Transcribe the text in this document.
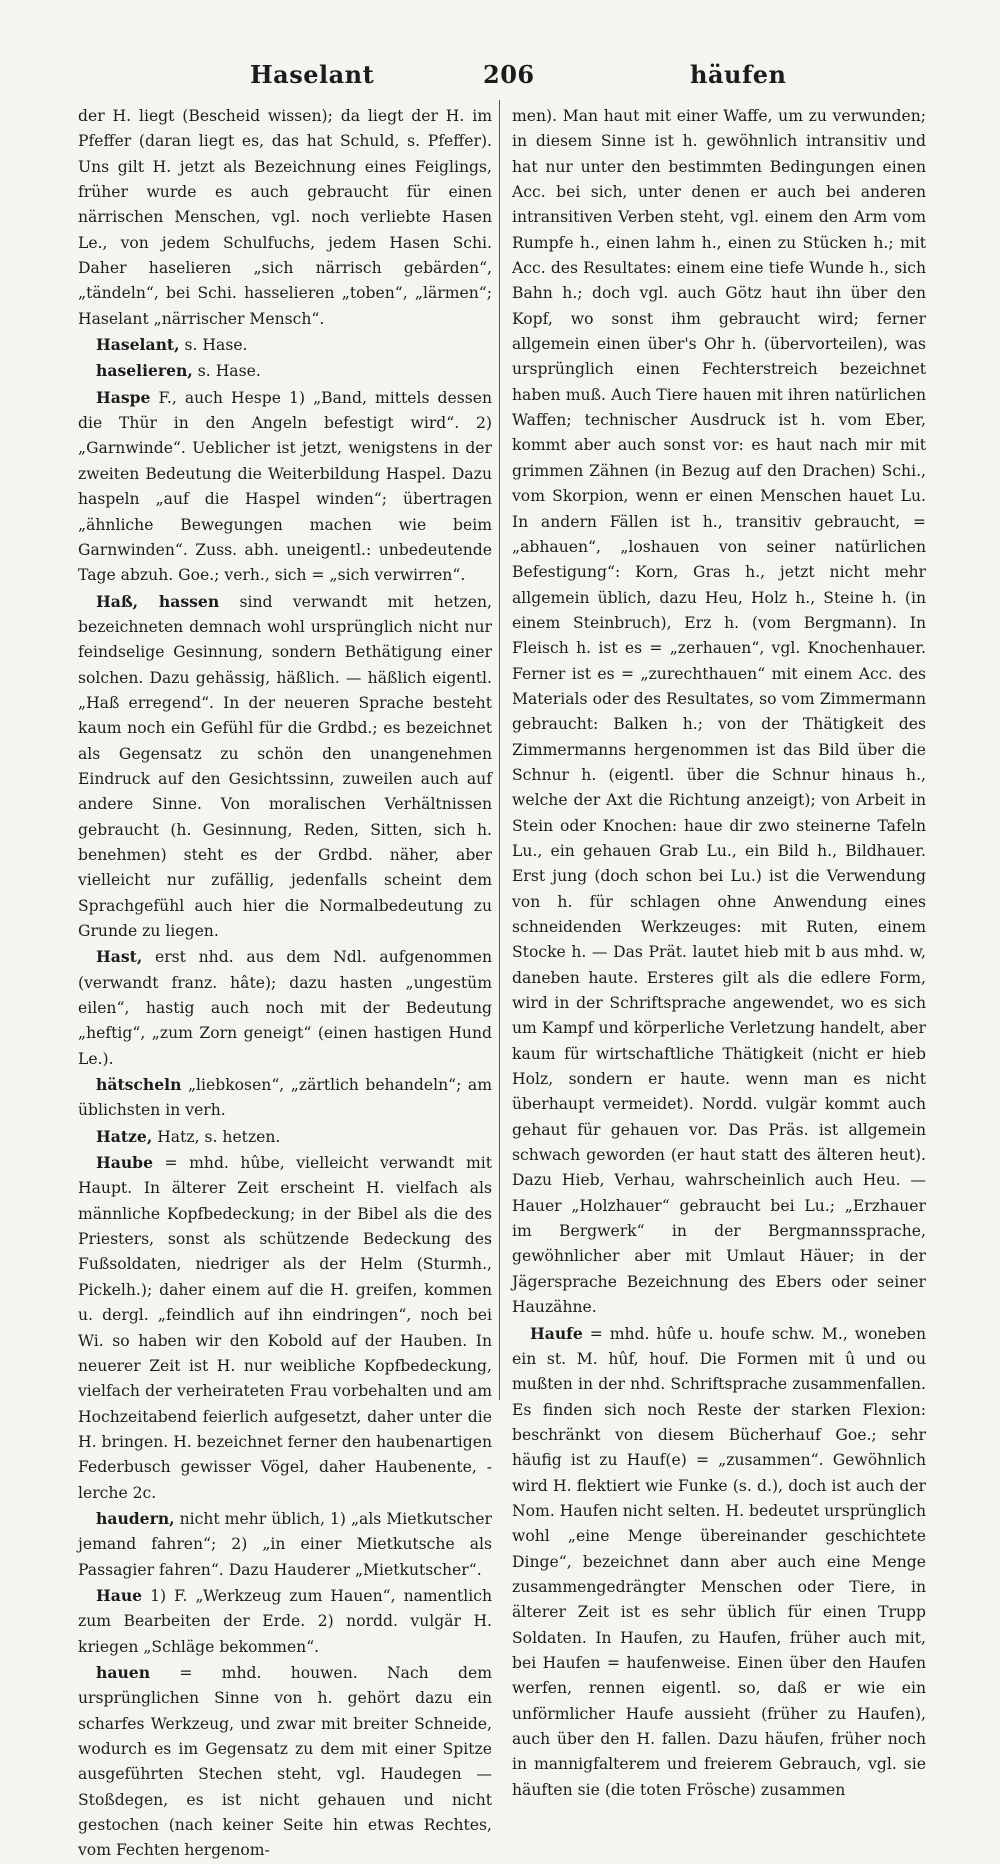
Haselant	206	häufen

der H. liegt (Bescheid wissen); da liegt der H. im Pfeffer (daran liegt es, das hat Schuld, s. Pfeffer). Uns gilt H. jetzt als Bezeichnung eines Feiglings, früher wurde es auch gebraucht für einen närrischen Menschen, vgl. noch verliebte Hasen Le., von jedem Schulfuchs, jedem Hasen Schi. Daher haselieren „sich närrisch gebärden“, „tändeln“, bei Schi. hasselieren „toben“, „lärmen“; Haselant „närrischer Mensch“.

Haselant, s. Hase.

haselieren, s. Hase.

Haspe F., auch Hespe 1) „Band, mittels dessen die Thür in den Angeln befestigt wird“. 2) „Garnwinde“. Ueblicher ist jetzt, wenigstens in der zweiten Bedeutung die Weiterbildung Haspel. Dazu haspeln „auf die Haspel winden“; übertragen „ähnliche Bewegungen machen wie beim Garnwinden“. Zuss. abh. uneigentl.: unbedeutende Tage abzuh. Goe.; verh., sich = „sich verwirren“.

Haß, hassen sind verwandt mit hetzen, bezeichneten demnach wohl ursprünglich nicht nur feindselige Gesinnung, sondern Bethätigung einer solchen. Dazu gehässig, häßlich. — häßlich eigentl. „Haß erregend“. In der neueren Sprache besteht kaum noch ein Gefühl für die Grdbd.; es bezeichnet als Gegensatz zu schön den unangenehmen Eindruck auf den Gesichtssinn, zuweilen auch auf andere Sinne. Von moralischen Verhältnissen gebraucht (h. Gesinnung, Reden, Sitten, sich h. benehmen) steht es der Grdbd. näher, aber vielleicht nur zufällig, jedenfalls scheint dem Sprachgefühl auch hier die Normalbedeutung zu Grunde zu liegen.

Hast, erst nhd. aus dem Ndl. aufgenommen (verwandt franz. hâte); dazu hasten „ungestüm eilen“, hastig auch noch mit der Bedeutung „heftig“, „zum Zorn geneigt“ (einen hastigen Hund Le.).

hätscheln „liebkosen“, „zärtlich behandeln“; am üblichsten in verh.

Hatze, Hatz, s. hetzen.

Haube = mhd. hûbe, vielleicht verwandt mit Haupt. In älterer Zeit erscheint H. vielfach als männliche Kopfbedeckung; in der Bibel als die des Priesters, sonst als schützende Bedeckung des Fußsoldaten, niedriger als der Helm (Sturmh., Pickelh.); daher einem auf die H. greifen, kommen u. dergl. „feindlich auf ihn eindringen“, noch bei Wi. so haben wir den Kobold auf der Hauben. In neuerer Zeit ist H. nur weibliche Kopfbedeckung, vielfach der verheirateten Frau vorbehalten und am Hochzeitabend feierlich aufgesetzt, daher unter die H. bringen. H. bezeichnet ferner den haubenartigen Federbusch gewisser Vögel, daher Haubenente, -lerche 2c.

haudern, nicht mehr üblich, 1) „als Mietkutscher jemand fahren“; 2) „in einer Mietkutsche als Passagier fahren“. Dazu Hauderer „Mietkutscher“.

Haue 1) F. „Werkzeug zum Hauen“, namentlich zum Bearbeiten der Erde. 2) nordd. vulgär H. kriegen „Schläge bekommen“.

hauen = mhd. houwen. Nach dem ursprünglichen Sinne von h. gehört dazu ein scharfes Werkzeug, und zwar mit breiter Schneide, wodurch es im Gegensatz zu dem mit einer Spitze ausgeführten Stechen steht, vgl. Haudegen — Stoßdegen, es ist nicht gehauen und nicht gestochen (nach keiner Seite hin etwas Rechtes, vom Fechten hergenom-

men). Man haut mit einer Waffe, um zu verwunden; in diesem Sinne ist h. gewöhnlich intransitiv und hat nur unter den bestimmten Bedingungen einen Acc. bei sich, unter denen er auch bei anderen intransitiven Verben steht, vgl. einem den Arm vom Rumpfe h., einen lahm h., einen zu Stücken h.; mit Acc. des Resultates: einem eine tiefe Wunde h., sich Bahn h.; doch vgl. auch Götz haut ihn über den Kopf, wo sonst ihm gebraucht wird; ferner allgemein einen über's Ohr h. (übervorteilen), was ursprünglich einen Fechterstreich bezeichnet haben muß. Auch Tiere hauen mit ihren natürlichen Waffen; technischer Ausdruck ist h. vom Eber, kommt aber auch sonst vor: es haut nach mir mit grimmen Zähnen (in Bezug auf den Drachen) Schi., vom Skorpion, wenn er einen Menschen hauet Lu. In andern Fällen ist h., transitiv gebraucht, = „abhauen“, „loshauen von seiner natürlichen Befestigung“: Korn, Gras h., jetzt nicht mehr allgemein üblich, dazu Heu, Holz h., Steine h. (in einem Steinbruch), Erz h. (vom Bergmann). In Fleisch h. ist es = „zerhauen“, vgl. Knochenhauer. Ferner ist es = „zurechthauen“ mit einem Acc. des Materials oder des Resultates, so vom Zimmermann gebraucht: Balken h.; von der Thätigkeit des Zimmermanns hergenommen ist das Bild über die Schnur h. (eigentl. über die Schnur hinaus h., welche der Axt die Richtung anzeigt); von Arbeit in Stein oder Knochen: haue dir zwo steinerne Tafeln Lu., ein gehauen Grab Lu., ein Bild h., Bildhauer. Erst jung (doch schon bei Lu.) ist die Verwendung von h. für schlagen ohne Anwendung eines schneidenden Werkzeuges: mit Ruten, einem Stocke h. — Das Prät. lautet hieb mit b aus mhd. w, daneben haute. Ersteres gilt als die edlere Form, wird in der Schriftsprache angewendet, wo es sich um Kampf und körperliche Verletzung handelt, aber kaum für wirtschaftliche Thätigkeit (nicht er hieb Holz, sondern er haute. wenn man es nicht überhaupt vermeidet). Nordd. vulgär kommt auch gehaut für gehauen vor. Das Präs. ist allgemein schwach geworden (er haut statt des älteren heut). Dazu Hieb, Verhau, wahrscheinlich auch Heu. — Hauer „Holzhauer“ gebraucht bei Lu.; „Erzhauer im Bergwerk“ in der Bergmannssprache, gewöhnlicher aber mit Umlaut Häuer; in der Jägersprache Bezeichnung des Ebers oder seiner Hauzähne.

Haufe = mhd. hûfe u. houfe schw. M., woneben ein st. M. hûf, houf. Die Formen mit û und ou mußten in der nhd. Schriftsprache zusammenfallen. Es finden sich noch Reste der starken Flexion: beschränkt von diesem Bücherhauf Goe.; sehr häufig ist zu Hauf(e) = „zusammen“. Gewöhnlich wird H. flektiert wie Funke (s. d.), doch ist auch der Nom. Haufen nicht selten. H. bedeutet ursprünglich wohl „eine Menge übereinander geschichtete Dinge“, bezeichnet dann aber auch eine Menge zusammengedrängter Menschen oder Tiere, in älterer Zeit ist es sehr üblich für einen Trupp Soldaten. In Haufen, zu Haufen, früher auch mit, bei Haufen = haufenweise. Einen über den Haufen werfen, rennen eigentl. so, daß er wie ein unförmlicher Haufe aussieht (früher zu Haufen), auch über den H. fallen. Dazu häufen, früher noch in mannigfalterem und freierem Gebrauch, vgl. sie häuften sie (die toten Frösche) zusammen
